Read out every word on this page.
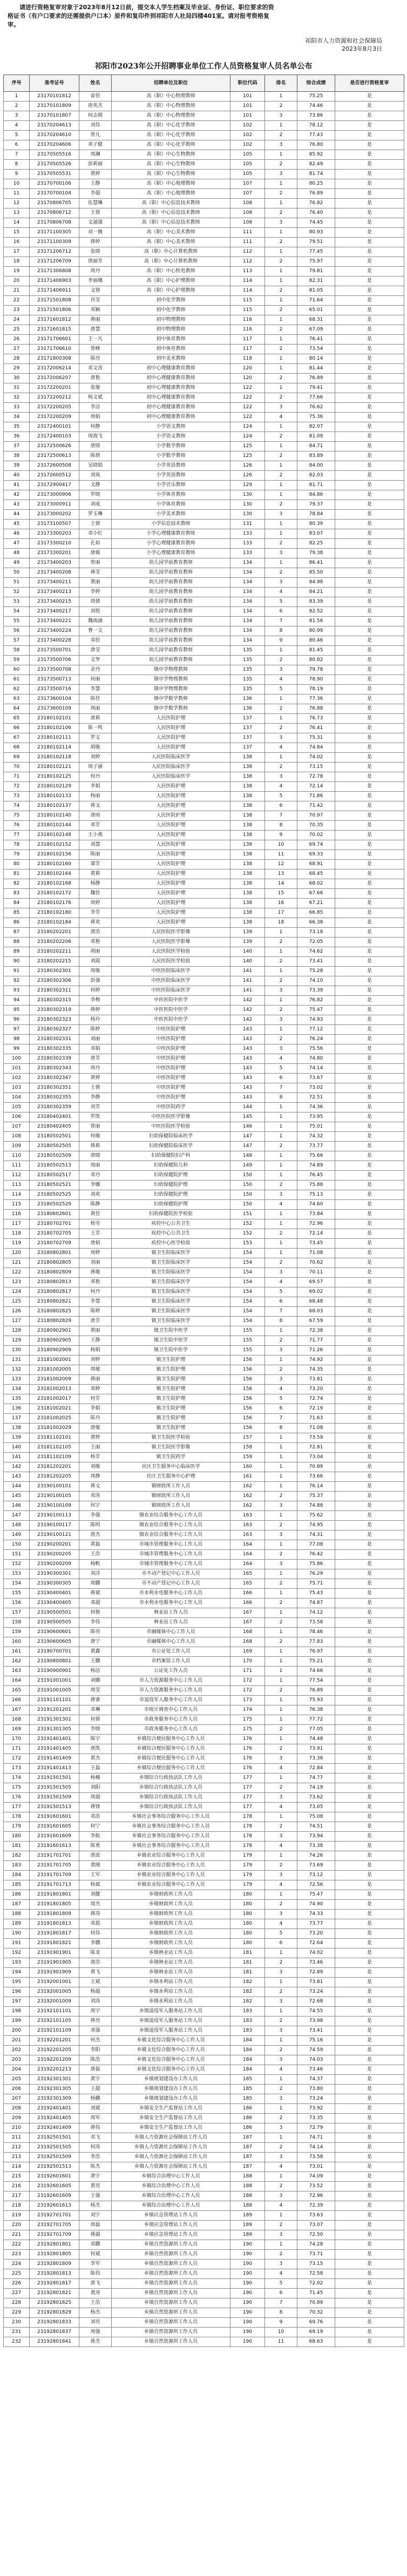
请进行资格复审对象于2023年8月12日前，提交本人学生档案及毕业证、身份证、职位要求的资
格证书（有户口要求的还需提供户口本）原件和复印件到祁阳市人社局四楼401室。请对报考资格复
审。
祁阳市人力资源和社会保障局
2023年8月3日
祁阳市2023年公开招聘事业单位工作人员资格复审人员名单公布
序号	准考证号	姓名	招聘单位及职位	职位代码	排名	综合成绩	是否进行资格复审
1	23170101812	雷佳	高（职）中心物理教师	101	1	75.25	是
2	23170101809	唐英杰	高（职）中心物理教师	101	2	74.46	是
3	23170101807	何志刚	高（职）中心物理教师	101	3	73.86	是
4	23170204613	刘伟	高（职）中心化学教师	102	1	78.12	是
5	23170204610	曾凡	高（职）中心化学教师	102	2	77.43	是
6	23170204606	邓子健	高（职）中心化学教师	102	3	76.80	是
7	23170505516	周澜	高（职）中心生物教师	105	1	85.92	是
8	23170505526	彭莉丽	高（职）中心生物教师	105	2	82.49	是
9	23170505531	黄婷	高（职）中心生物教师	105	3	81.74	是
10	23170700106	王静	高（职）中心地理教师	107	1	80.25	是
11	23170700104	李超	高（职）中心地理教师	107	2	76.89	是
12	23170806705	伍慧琳	高（职）中心信息技术教师	108	1	76.82	是
13	23170806712	王倩	高（职）中心信息技术教师	108	2	76.40	是
14	23170806708	文涌强	高（职）中心信息技术教师	108	3	74.45	是
15	23171100305	刘一薇	高（职）中心美术教师	111	1	80.93	是
16	23171100309	蒋婷	高（职）中心美术教师	111	2	79.51	是
17	23171206712	张晓	高（职）中心计算机教师	112	1	77.45	是
18	23171206709	唐丽芳	高（职）中心计算机教师	112	2	75.97	是
19	23171306808	周丹	高（职）中心机电教师	113	1	79.81	是
20	23171406903	李丽娜	高（职）中心护理教师	114	1	82.31	是
21	23171406911	文倩	高（职）中心护理教师	114	2	81.05	是
22	23171501808	肖莹	初中化学教师	115	1	71.64	是
23	23171501806	邓颖	初中化学教师	115	2	65.01	是
24	23171601812	蒋丽	初中物理教师	116	1	68.31	是
25	23171601815	唐慧	初中物理教师	116	2	67.09	是
26	23171706601	王一凡	初中体育教师	117	1	76.41	是
27	23171706610	曾峰	初中体育教师	117	2	73.54	是
28	23171800308	陈亮	初中美术教师	118	1	80.14	是
29	23172006214	邓文涛	初中心理健康教育教师	120	1	81.44	是
30	23172006207	唐艳	初中心理健康教育教师	120	2	76.89	是
31	23172200201	张敏	初中心理健康教育教师	122	1	79.41	是
32	23172200212	杨文斌	初中心理健康教育教师	122	2	77.66	是
33	23172200205	李洁	初中心理健康教育教师	122	3	76.62	是
34	23172200209	周娟	初中心理健康教育教师	122	4	75.36	是
35	23172400101	何静	小学语文教师	124	1	82.07	是
36	23172400103	周海飞	小学语文教师	124	2	81.09	是
37	23172500626	唐晓	小学数学教师	125	1	84.71	是
38	23172500613	陈倩	小学数学教师	125	2	83.89	是
39	23172600508	吴晓娟	小学英语教师	126	1	84.00	是
40	23172600512	刘岚	小学英语教师	126	2	82.03	是
41	23172900417	文静	小学音乐教师	129	1	81.71	是
42	23173000906	罗晓	小学体育教师	130	1	84.86	是
43	23173000911	刘成	小学体育教师	130	2	79.37	是
44	23173000202	罗玉琳	小学美术教师	130	3	78.84	是
45	23173100507	王倩	小学信息技术教师	131	1	80.39	是
46	23173300203	邓小红	小学心理健康教育教师	133	1	83.07	是
47	23173300210	孔如	小学心理健康教育教师	133	2	82.25	是
48	23173300201	唐媛	小学心理健康教育教师	133	3	79.38	是
49	23173400203	曾丽	幼儿园学前教育教师	134	1	86.41	是
50	23173400208	蒋莹	幼儿园学前教育教师	134	2	85.50	是
51	23173400211	黄丽	幼儿园学前教育教师	134	3	84.98	是
52	23173400213	李婷	幼儿园学前教育教师	134	4	84.21	是
53	23173400215	周倩	幼儿园学前教育教师	134	5	83.39	是
54	23173400217	刘悦	幼儿园学前教育教师	134	6	82.52	是
55	23173400221	魏雨涵	幼儿园学前教育教师	134	7	81.56	是
56	23173400224	曹一文	幼儿园学前教育教师	134	8	80.99	是
57	23173400228	邓佳	幼儿园学前教育教师	134	9	80.46	是
58	23173500701	唐莹	幼儿园学前教育教师	135	1	81.45	是
59	23173500706	文华	幼儿园学前教育教师	135	2	80.82	是
60	23173500708	余丹	镇中学物理教师	135	3	79.78	是
61	23173500713	何丽	镇中学物理教师	135	4	78.90	是
62	23173500716	李慧	镇中学物理教师	135	5	78.19	是
63	23173600104	陈佳	镇中学数学教师	136	1	77.36	是
64	23173600109	周丽	镇中学数学教师	136	2	76.88	是
65	23180102101	唐莉	人民医院护理	137	1	76.73	是
66	23180102106	陈一鸣	人民医院护理	137	2	76.41	是
67	23180102111	罗文	人民医院护理	137	3	75.31	是
68	23180102114	胡敏	人民医院护理	137	4	74.84	是
69	23180102118	刘婷	人民医院临床医学	138	1	74.02	是
70	23180102121	周子涵	人民医院临床医学	138	2	73.15	是
71	23180102125	何丹	人民医院临床医学	138	3	72.78	是
72	23180102129	李娟	人民医院护理	138	4	72.14	是
73	23180102133	杨丽	人民医院护理	138	5	71.86	是
74	23180102137	蒋文	人民医院护理	138	6	71.42	是
75	23180102140	唐雨	人民医院护理	138	7	70.97	是
76	23180102144	邓芳	人民医院护理	138	8	70.35	是
77	23180102148	王小燕	人民医院护理	138	9	70.02	是
78	23180102152	刘慧	人民医院护理	138	10	69.74	是
79	23180102156	陈丽	人民医院护理	138	11	69.33	是
80	23180102160	谭芳	人民医院护理	138	12	68.91	是
81	23180102164	黄莉	人民医院护理	138	13	68.45	是
82	23180102168	杨静	人民医院护理	138	14	68.02	是
83	23180102172	魏佳	人民医院护理	138	15	67.66	是
84	23180102176	周婷	人民医院护理	138	16	67.21	是
85	23180102180	李芳	人民医院护理	138	17	66.85	是
86	23180102184	蒋欢	人民医院护理	138	18	66.38	是
87	23180202201	唐浩	人民医院医学影像	139	1	73.18	是
88	23180202206	邓艳	人民医院医学影像	139	2	72.05	是
89	23180202211	胡丽	人民医院医学检验	140	1	74.62	是
90	23180202215	刘霞	人民医院医学检验	140	2	73.41	是
91	23180302301	周敏	中医医院临床医学	141	1	75.28	是
92	23180302306	彭强	中医医院临床医学	141	2	74.10	是
93	23180302311	何婷	中医医院临床医学	141	3	73.39	是
94	23180302315	李梅	中医医院中医学	142	1	76.82	是
95	23180302319	蒋婷	中医医院中医学	142	2	75.47	是
96	23180302323	杨玲	中医医院中医学	142	3	74.93	是
97	23180302327	陈婷	中医医院护理	143	1	77.12	是
98	23180302331	刘丽	中医医院护理	143	2	76.24	是
99	23180302335	邓娟	中医医院护理	143	3	75.56	是
100	23180302339	唐芳	中医医院护理	143	4	74.80	是
101	23180302343	周丹	中医医院护理	143	5	74.14	是
102	23180302347	黄婷	中医医院护理	143	6	73.67	是
103	23180302351	王倩	中医医院护理	143	7	73.02	是
104	23180302355	李静	中医医院护理	143	8	72.51	是
105	23180302359	刘芳	中医医院药学	144	1	74.36	是
106	23180402401	罗凯	中医医院医学影像	145	1	73.95	是
107	23180402405	曾丽	中医医院医学检验	146	1	75.01	是
108	23180502501	何敏	妇幼保健院临床医学	147	1	74.32	是
109	23180502505	蒋莉	妇幼保健院临床医学	147	2	73.77	是
110	23180502509	唐晓	妇幼保健院妇产科	148	1	75.66	是
111	23180502513	周丽	妇幼保健院儿科	149	1	74.89	是
112	23180502517	邓丹	妇幼保健院护理	150	1	76.45	是
113	23180502521	李娜	妇幼保健院护理	150	2	75.88	是
114	23180502525	刘欢	妇幼保健院护理	150	3	75.13	是
115	23180502529	陈静	妇幼保健院护理	150	4	74.60	是
116	23180602601	黄佳	妇幼保健院医学检验	151	1	73.84	是
117	23180702701	杨雪	疾控中心公共卫生	152	1	72.96	是
118	23180702705	王芳	疾控中心公共卫生	152	2	72.14	是
119	23180702709	唐娟	疾控中心医学检验	153	1	73.45	是
120	23180802801	周婷	镇卫生院临床医学	154	1	71.08	是
121	23180802805	刘丽	镇卫生院临床医学	154	2	70.62	是
122	23180802809	蒋敏	镇卫生院临床医学	154	3	70.11	是
123	23180802813	邓艳	镇卫生院临床医学	154	4	69.57	是
124	23180802817	何丹	镇卫生院临床医学	154	5	69.02	是
125	23180802821	李慧	镇卫生院临床医学	154	6	68.48	是
126	23180802825	陈婷	镇卫生院临床医学	154	7	68.03	是
127	23180802829	唐芳	镇卫生院临床医学	154	8	67.59	是
128	23180902901	黄丽	镇卫生院中医学	155	1	72.38	是
129	23180902905	王静	镇卫生院中医学	155	2	71.77	是
130	23180902909	杨娟	镇卫生院中医学	155	3	71.26	是
131	23181002001	刘婷	镇卫生院护理	156	1	74.92	是
132	23181002005	周敏	镇卫生院护理	156	2	74.35	是
133	23181002009	蒋丽	镇卫生院护理	156	3	73.81	是
134	23181002013	邓婷	镇卫生院护理	156	4	73.20	是
135	23181002017	何芳	镇卫生院护理	156	5	72.74	是
136	23181002021	李娟	镇卫生院护理	156	6	72.19	是
137	23181002025	陈丹	镇卫生院护理	156	7	71.63	是
138	23181002029	唐敏	镇卫生院护理	156	8	71.08	是
139	23181102101	黄婷	镇卫生院医学检验	157	1	73.59	是
140	23181102105	王丽	镇卫生院医学影像	158	1	72.81	是
141	23181102109	杨芳	镇卫生院药学	159	1	73.04	是
142	23181202201	刘敏	社区卫生服务中心临床医学	160	1	70.89	是
143	23181202205	周静	社区卫生服务中心护理	161	1	73.66	是
144	23190100101	蒋文	镇财政所工作人员	162	1	76.14	是
145	23190100105	邓涛	镇财政所工作人员	162	2	75.37	是
146	23190100109	何宇	镇财政所工作人员	162	3	74.88	是
147	23190100113	李强	镇农业综合服务中心工作人员	163	1	75.62	是
148	23190100117	陈明	镇农业综合服务中心工作人员	163	2	74.95	是
149	23190100121	唐杰	镇农业综合服务中心工作人员	163	3	74.31	是
150	23190200201	黄磊	市城市管理服务中心工作人员	164	1	77.08	是
151	23190200205	王浩	市城市管理服务中心工作人员	164	2	76.42	是
152	23190200209	杨帆	市城市管理服务中心工作人员	164	3	75.86	是
153	23190300301	刘洋	市不动产登记中心工作人员	165	1	76.29	是
154	23190300305	周鹏	市不动产登记中心工作人员	165	2	75.71	是
155	23190400401	蒋斌	市水利水电服务中心工作人员	166	1	75.43	是
156	23190400405	邓超	市水利水电服务中心工作人员	166	2	74.87	是
157	23190500501	何俊	林业站工作人员	167	1	74.12	是
158	23190500505	李伟	林业站工作人员	167	2	73.58	是
159	23190600601	陈亮	市融媒体中心工作人员	168	1	78.46	是
160	23190600605	唐宁	市融媒体中心工作人员	168	2	77.83	是
161	23190700701	黄鑫	市公证处工作人员	169	1	76.97	是
162	23190800801	王鹏	市档案馆工作人员	170	1	75.21	是
163	23190900901	杨洁	公证处工作人员	171	1	74.66	是
164	23191001001	刘娜	市人力资源服务中心工作人员	172	1	77.54	是
165	23191001005	周莹	市人力资源服务中心工作人员	172	2	76.89	是
166	23191101101	蒋睿	市退役军人服务中心工作人员	173	1	75.93	是
167	23191201201	邓琳	市统计调查中心工作人员	174	1	76.38	是
168	23191301301	何倩	市政务服务中心工作人员	175	1	77.72	是
169	23191301305	李晓	市政务服务中心工作人员	175	2	77.05	是
170	23191401401	陈宇	乡镇综合便民服务中心工作人员	176	1	74.48	是
171	23191401405	唐凯	乡镇综合便民服务中心工作人员	176	2	73.91	是
172	23191401409	黄杰	乡镇综合便民服务中心工作人员	176	3	73.36	是
173	23191401413	王磊	乡镇综合便民服务中心工作人员	176	4	72.84	是
174	23191501501	杨楠	乡镇综合行政执法队工作人员	177	1	74.77	是
175	23191501505	刘阳	乡镇综合行政执法队工作人员	177	2	74.19	是
176	23191501509	周超	乡镇综合行政执法队工作人员	177	3	73.62	是
177	23191501513	蒋锋	乡镇综合行政执法队工作人员	177	4	73.05	是
178	23191601601	邓浩	乡镇社会事务综合服务中心工作人员	178	1	75.08	是
179	23191601605	何宁	乡镇社会事务综合服务中心工作人员	178	2	74.51	是
180	23191601609	李航	乡镇社会事务综合服务中心工作人员	178	3	73.94	是
181	23191601613	陈勇	乡镇社会事务综合服务中心工作人员	178	4	73.38	是
182	23191701701	唐波	乡镇农业综合服务中心工作人员	179	1	74.26	是
183	23191701705	黄刚	乡镇农业综合服务中心工作人员	179	2	73.69	是
184	23191701709	王军	乡镇农业综合服务中心工作人员	179	3	73.12	是
185	23191701713	杨斌	乡镇农业综合服务中心工作人员	179	4	72.56	是
186	23191801801	刘健	乡镇财政所工作人员	180	1	75.47	是
187	23191801805	周杰	乡镇财政所工作人员	180	2	74.90	是
188	23191801809	蒋涛	乡镇财政所工作人员	180	3	74.33	是
189	23191801813	邓晨	乡镇财政所工作人员	180	4	73.77	是
190	23191801817	何伟	乡镇财政所工作人员	180	5	73.20	是
191	23191801821	李鹏	乡镇财政所工作人员	180	6	72.64	是
192	23191901901	陈龙	乡镇林业站工作人员	181	1	74.02	是
193	23191901905	唐浩	乡镇林业站工作人员	181	2	73.46	是
194	23191901909	黄飞	乡镇林业站工作人员	181	3	72.89	是
195	23192001001	王斌	乡镇水利站工作人员	182	1	73.81	是
196	23192001005	杨超	乡镇水利站工作人员	182	2	73.24	是
197	23192001009	刘涛	乡镇水利站工作人员	182	3	72.68	是
198	23192101101	周宇	乡镇退役军人服务站工作人员	183	1	74.55	是
199	23192101105	蒋亮	乡镇退役军人服务站工作人员	183	2	73.98	是
200	23192101109	邓强	乡镇退役军人服务站工作人员	183	3	73.41	是
201	23192201201	何杰	乡镇文化综合服务中心工作人员	184	1	75.16	是
202	23192201205	李阳	乡镇文化综合服务中心工作人员	184	2	74.59	是
203	23192201209	陈浩	乡镇文化综合服务中心工作人员	184	3	74.03	是
204	23192201213	唐磊	乡镇文化综合服务中心工作人员	184	4	73.46	是
205	23192301301	黄宇	乡镇规划建设办工作人员	185	1	74.37	是
206	23192301305	王超	乡镇规划建设办工作人员	185	2	73.80	是
207	23192301309	杨鹏	乡镇规划建设办工作人员	185	3	73.24	是
208	23192401401	刘斌	乡镇安全生产监督站工作人员	186	1	73.92	是
209	23192401405	周军	乡镇安全生产监督站工作人员	186	2	73.35	是
210	23192401409	蒋伟	乡镇安全生产监督站工作人员	186	3	72.79	是
211	23192501501	邓飞	乡镇人力资源社会保障站工作人员	187	1	74.71	是
212	23192501505	何涛	乡镇人力资源社会保障站工作人员	187	2	74.14	是
213	23192501509	李浩	乡镇人力资源社会保障站工作人员	187	3	73.58	是
214	23192501513	陈杰	乡镇人力资源社会保障站工作人员	187	4	73.01	是
215	23192601601	唐宇	乡镇综合治理中心工作人员	188	1	74.09	是
216	23192601605	黄亮	乡镇综合治理中心工作人员	188	2	73.52	是
217	23192601609	王强	乡镇综合治理中心工作人员	188	3	72.96	是
218	23192601613	杨杰	乡镇综合治理中心工作人员	188	4	72.39	是
219	23192701701	刘宇	乡镇应急管理站工作人员	189	1	73.63	是
220	23192701705	周磊	乡镇应急管理站工作人员	189	2	73.07	是
221	23192701709	蒋超	乡镇应急管理站工作人员	189	3	72.50	是
222	23192801801	邓鹏	乡镇自然资源所工作人员	190	1	74.28	是
223	23192801805	何斌	乡镇自然资源所工作人员	190	2	73.71	是
224	23192801809	李军	乡镇自然资源所工作人员	190	3	73.15	是
225	23192801813	陈伟	乡镇自然资源所工作人员	190	4	72.58	是
226	23192801817	唐飞	乡镇自然资源所工作人员	190	5	72.02	是
227	23192801821	黄涛	乡镇自然资源所工作人员	190	6	71.45	是
228	23192801825	王浩	乡镇自然资源所工作人员	190	7	70.89	是
229	23192801829	杨杰	乡镇自然资源所工作人员	190	8	70.32	是
230	23192801833	刘亮	乡镇自然资源所工作人员	190	9	69.76	是
231	23192801837	周强	乡镇自然资源所工作人员	190	10	69.19	是
232	23192801841	蒋杰	乡镇自然资源所工作人员	190	11	68.63	是
